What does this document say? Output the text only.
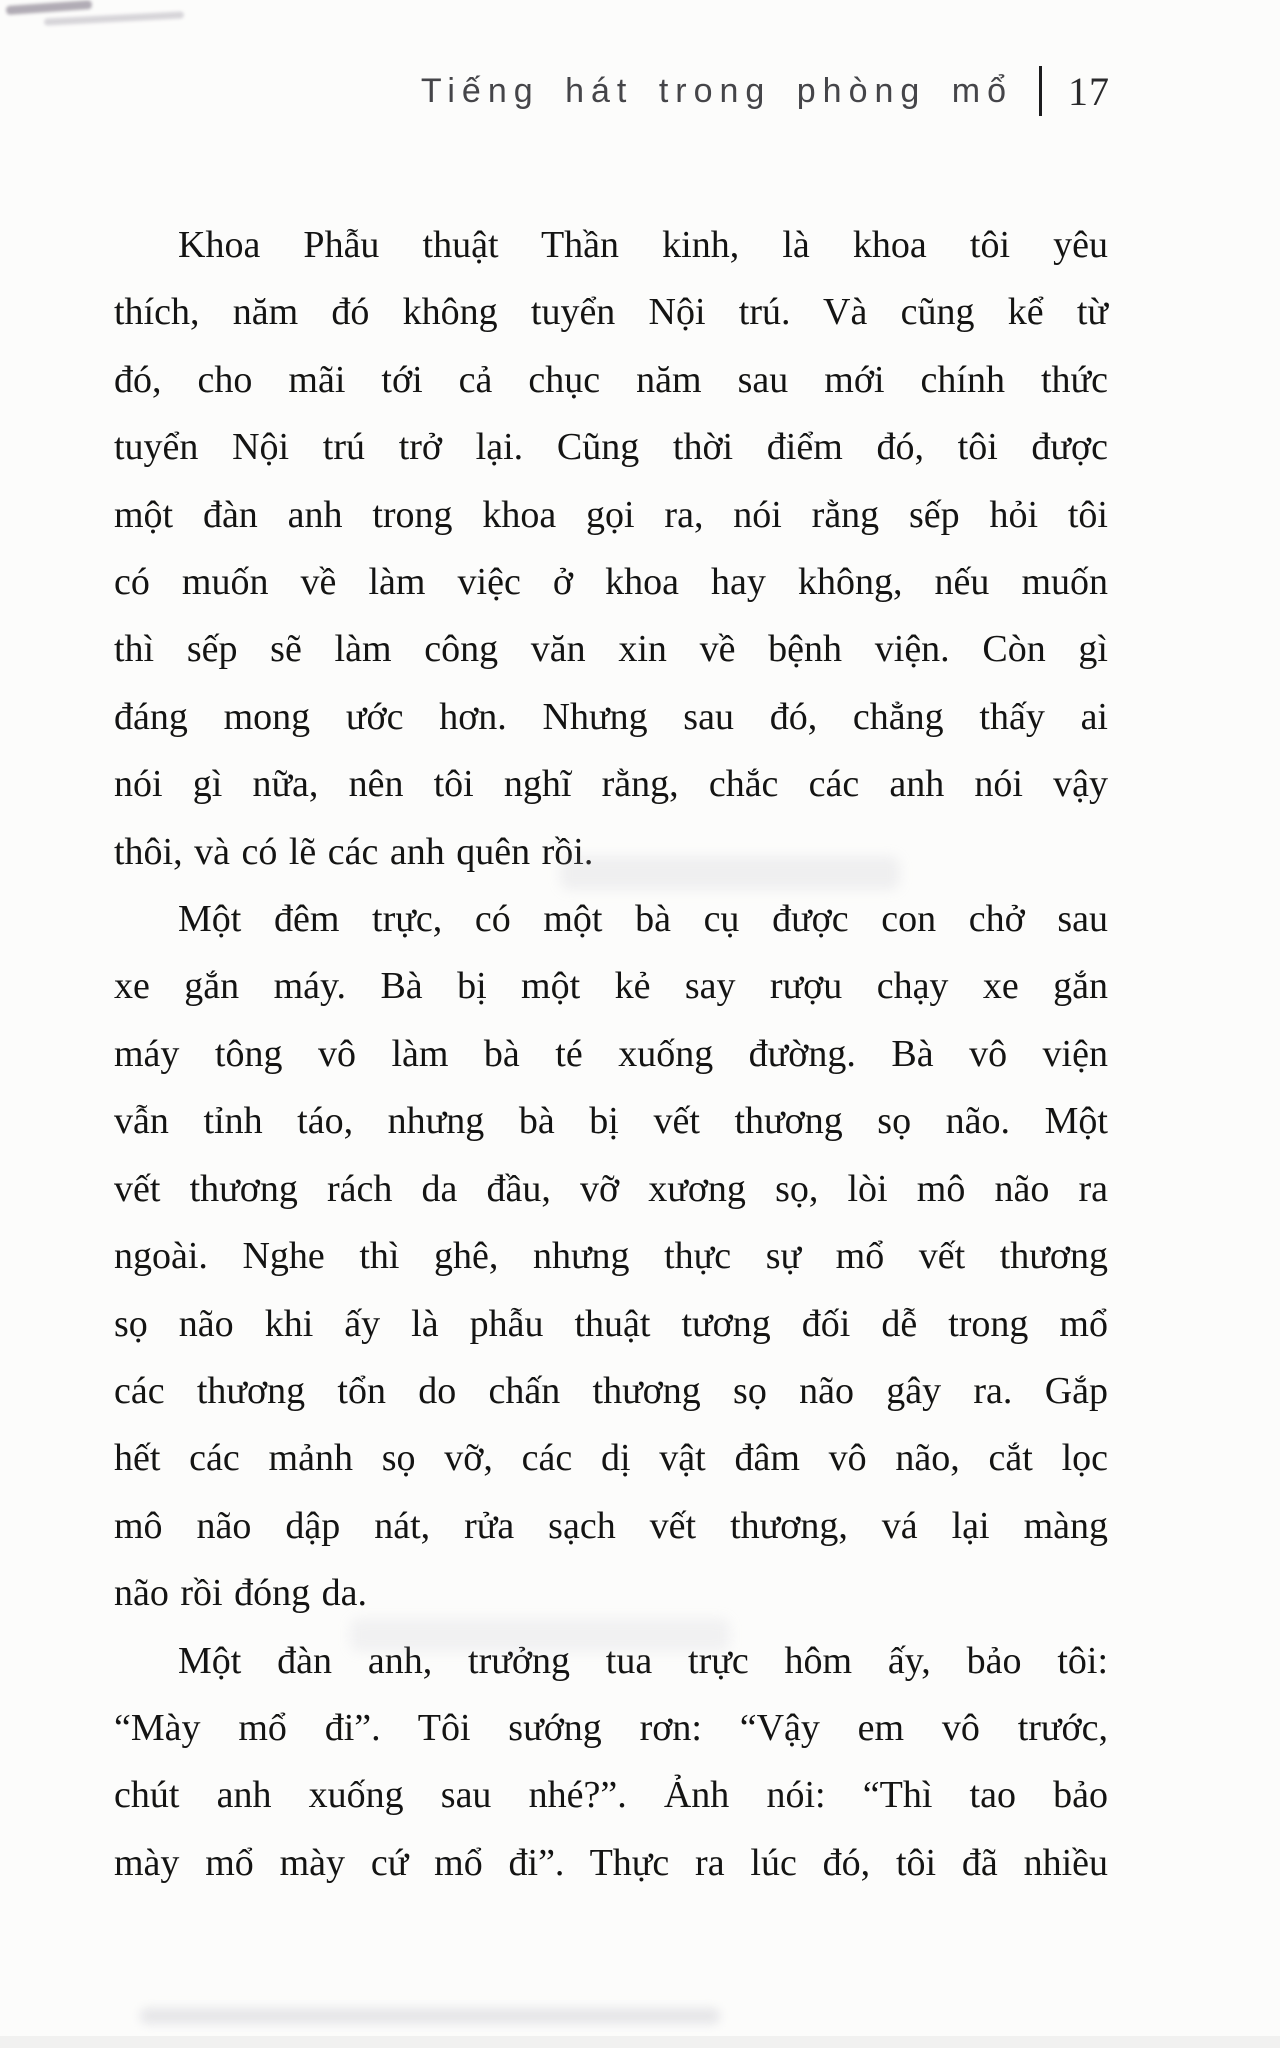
Tiếng hát trong phòng mổ 17
Khoa Phẫu thuật Thần kinh, là khoa tôi yêu
thích, năm đó không tuyển Nội trú. Và cũng kể từ
đó, cho mãi tới cả chục năm sau mới chính thức
tuyển Nội trú trở lại. Cũng thời điểm đó, tôi được
một đàn anh trong khoa gọi ra, nói rằng sếp hỏi tôi
có muốn về làm việc ở khoa hay không, nếu muốn
thì sếp sẽ làm công văn xin về bệnh viện. Còn gì
đáng mong ước hơn. Nhưng sau đó, chẳng thấy ai
nói gì nữa, nên tôi nghĩ rằng, chắc các anh nói vậy
thôi, và có lẽ các anh quên rồi.
Một đêm trực, có một bà cụ được con chở sau
xe gắn máy. Bà bị một kẻ say rượu chạy xe gắn
máy tông vô làm bà té xuống đường. Bà vô viện
vẫn tỉnh táo, nhưng bà bị vết thương sọ não. Một
vết thương rách da đầu, vỡ xương sọ, lòi mô não ra
ngoài. Nghe thì ghê, nhưng thực sự mổ vết thương
sọ não khi ấy là phẫu thuật tương đối dễ trong mổ
các thương tổn do chấn thương sọ não gây ra. Gắp
hết các mảnh sọ vỡ, các dị vật đâm vô não, cắt lọc
mô não dập nát, rửa sạch vết thương, vá lại màng
não rồi đóng da.
Một đàn anh, trưởng tua trực hôm ấy, bảo tôi:
“Mày mổ đi”. Tôi sướng rơn: “Vậy em vô trước,
chút anh xuống sau nhé?”. Ảnh nói: “Thì tao bảo
mày mổ mày cứ mổ đi”. Thực ra lúc đó, tôi đã nhiều
